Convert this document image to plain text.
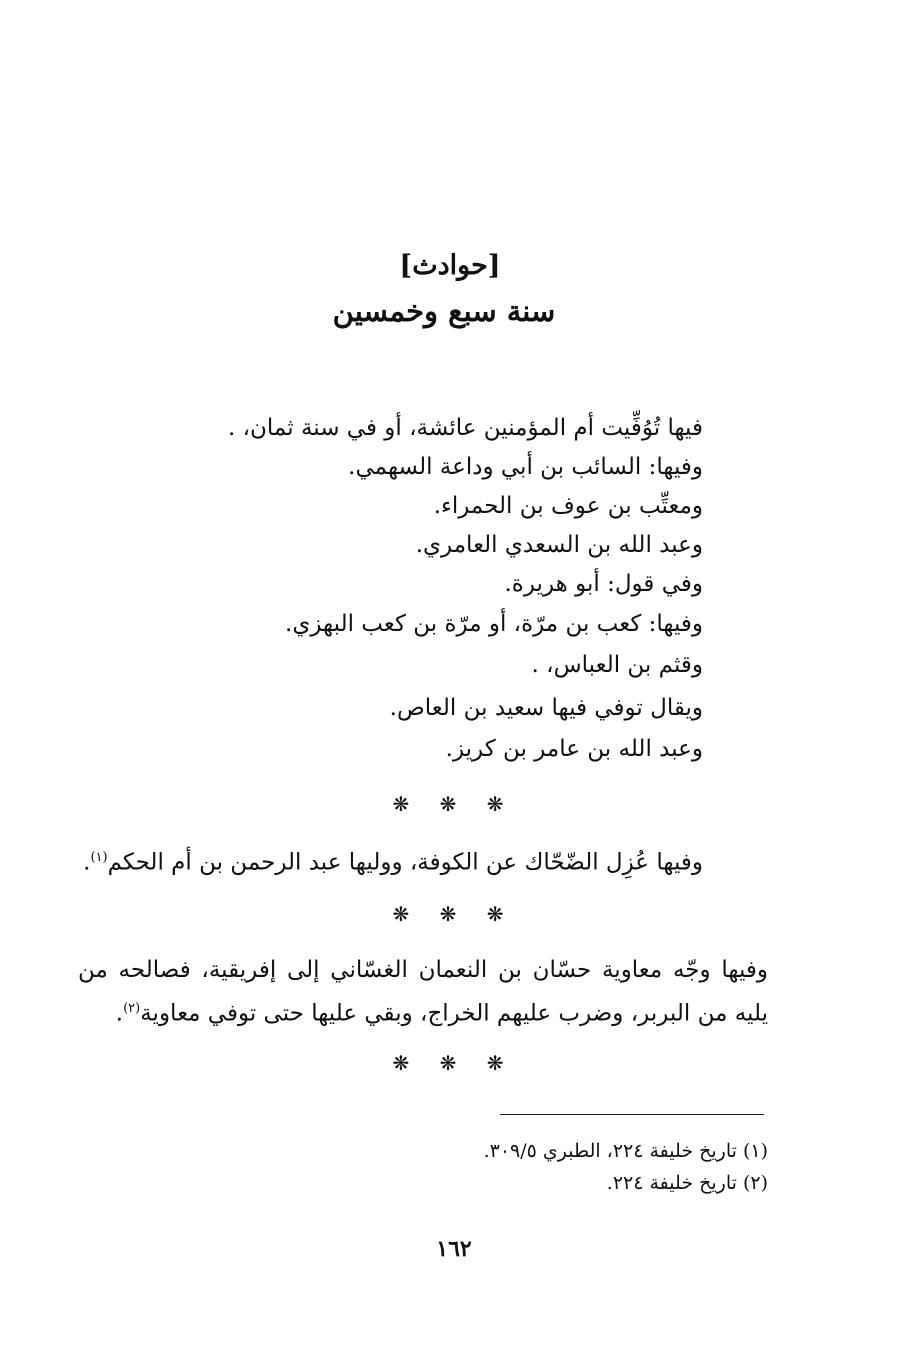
[حوادث]
سنة سبع وخمسين
فيها تُوُفِّيت أم المؤمنين عائشة، أو في سنة ثمان، .
وفيها: السائب بن أبي وداعة السهمي.
ومعتِّب بن عوف بن الحمراء.
وعبد الله بن السعدي العامري.
وفي قول: أبو هريرة.
وفيها: كعب بن مرّة، أو مرّة بن كعب البهزي.
وقثم بن العباس، .
ويقال توفي فيها سعيد بن العاص.
وعبد الله بن عامر بن كريز.
❋ ❋ ❋
وفيها عُزِل الضّحّاك عن الكوفة، ووليها عبد الرحمن بن أم الحكم$^{(١)}$.
❋ ❋ ❋
وفيها وجّه معاوية حسّان بن النعمان الغسّاني إلى إفريقية، فصالحه من
يليه من البربر، وضرب عليهم الخراج، وبقي عليها حتى توفي معاوية$^{(٢)}$.
❋ ❋ ❋
(١) تاريخ خليفة ٢٢٤، الطبري ٣٠٩/٥.
(٢) تاريخ خليفة ٢٢٤.
١٦٢
